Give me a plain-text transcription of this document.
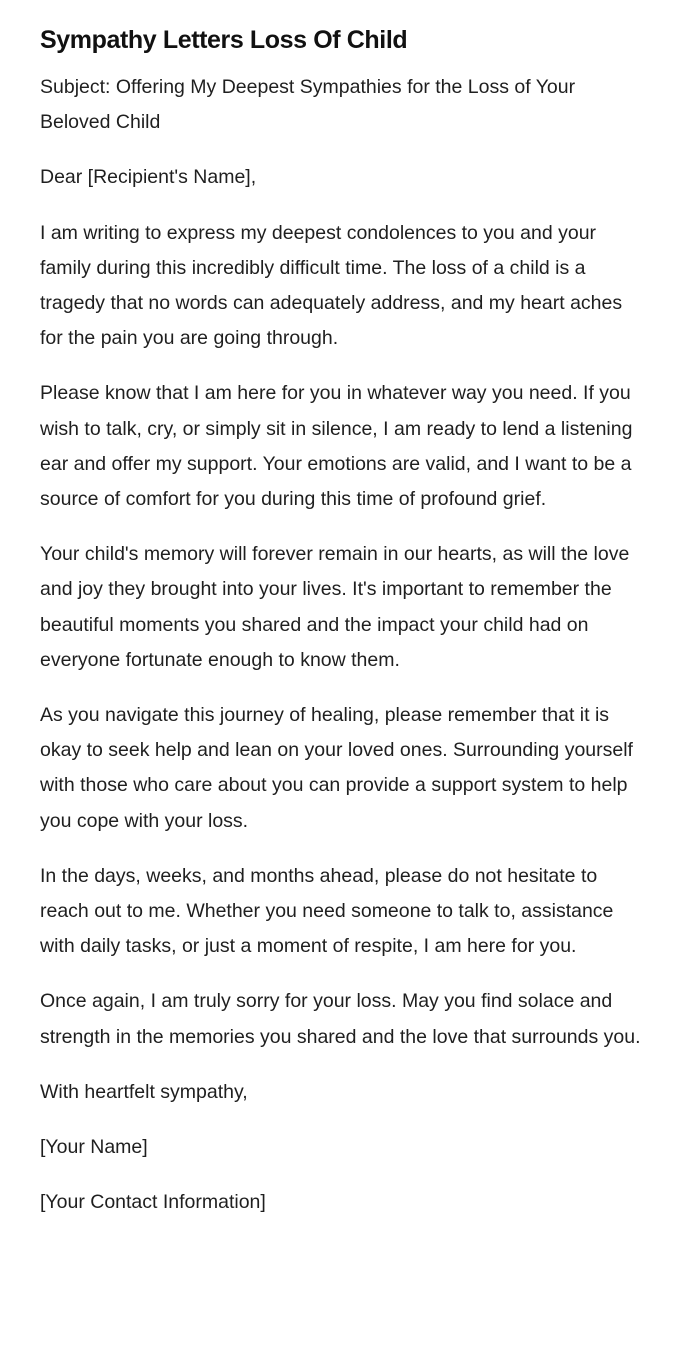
Sympathy Letters Loss Of Child

Subject: Offering My Deepest Sympathies for the Loss of Your Beloved Child

Dear [Recipient's Name],

I am writing to express my deepest condolences to you and your family during this incredibly difficult time. The loss of a child is a tragedy that no words can adequately address, and my heart aches for the pain you are going through.

Please know that I am here for you in whatever way you need. If you wish to talk, cry, or simply sit in silence, I am ready to lend a listening ear and offer my support. Your emotions are valid, and I want to be a source of comfort for you during this time of profound grief.

Your child's memory will forever remain in our hearts, as will the love and joy they brought into your lives. It's important to remember the beautiful moments you shared and the impact your child had on everyone fortunate enough to know them.

As you navigate this journey of healing, please remember that it is okay to seek help and lean on your loved ones. Surrounding yourself with those who care about you can provide a support system to help you cope with your loss.

In the days, weeks, and months ahead, please do not hesitate to reach out to me. Whether you need someone to talk to, assistance with daily tasks, or just a moment of respite, I am here for you.

Once again, I am truly sorry for your loss. May you find solace and strength in the memories you shared and the love that surrounds you.

With heartfelt sympathy,

[Your Name]

[Your Contact Information]
